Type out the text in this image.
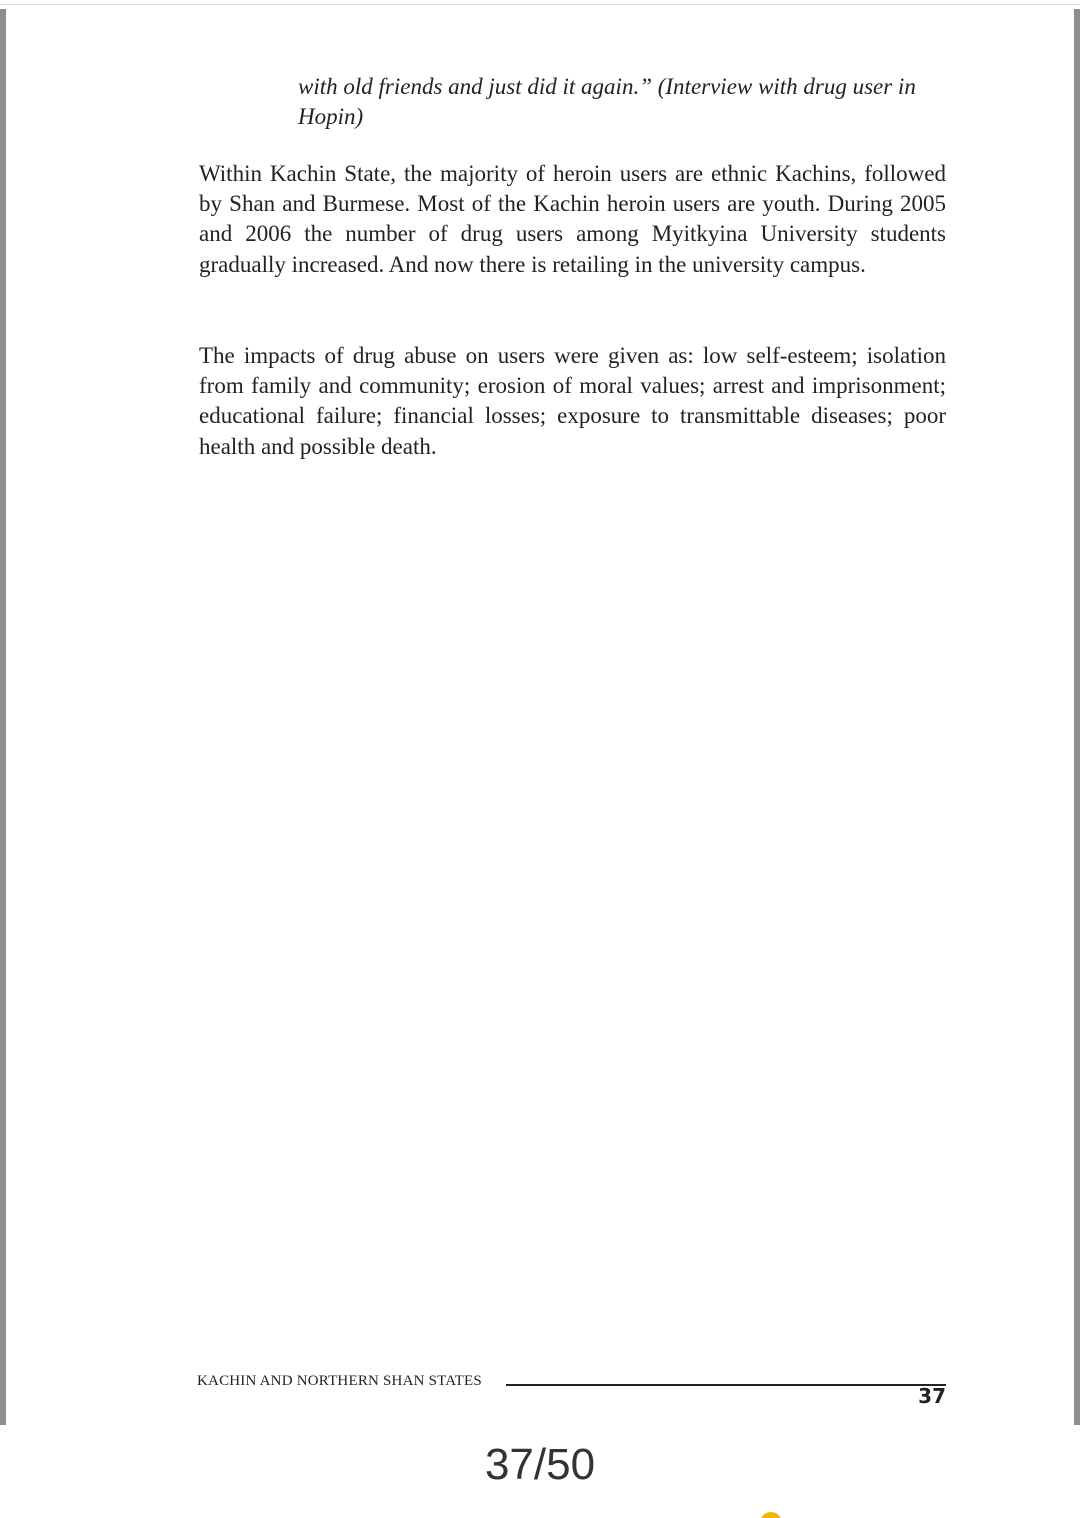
with old friends and just did it again.” (Interview with drug user in Hopin)

Within Kachin State, the majority of heroin users are ethnic Kachins, followed by Shan and Burmese. Most of the Kachin heroin users are youth. During 2005 and 2006 the number of drug users among Myitkyina University students gradually increased. And now there is retailing in the university campus.

The impacts of drug abuse on users were given as: low self-esteem; isolation from family and community; erosion of moral values; arrest and imprisonment; educational failure; financial losses; exposure to transmittable diseases; poor health and possible death.

KACHIN AND NORTHERN SHAN STATES
37
37/50
